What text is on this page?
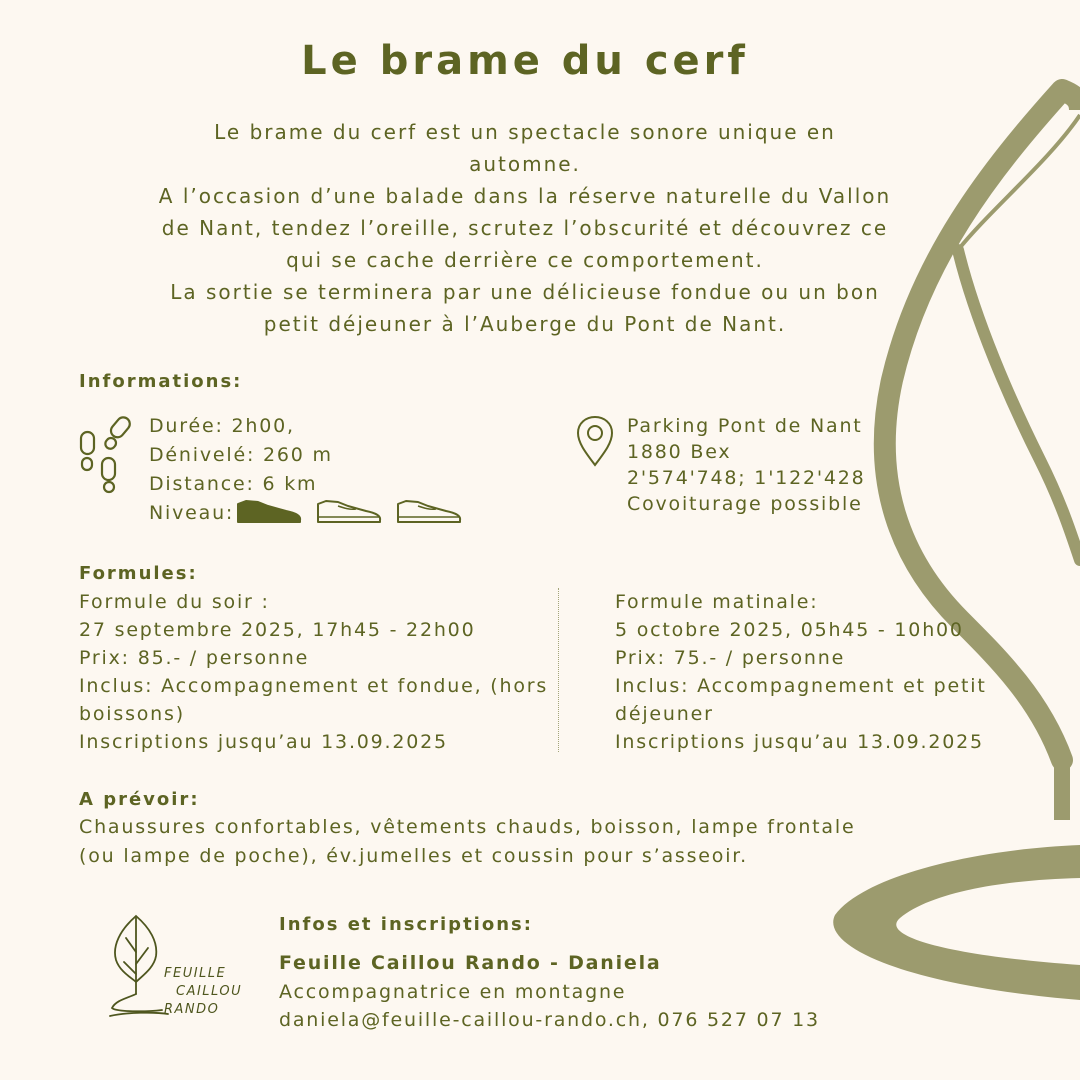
Le brame du cerf
Le brame du cerf est un spectacle sonore unique en
automne.
A l’occasion d’une balade dans la réserve naturelle du Vallon
de Nant, tendez l’oreille, scrutez l’obscurité et découvrez ce
qui se cache derrière ce comportement.
La sortie se terminera par une délicieuse fondue ou un bon
petit déjeuner à l’Auberge du Pont de Nant.
Informations:
Durée: 2h00,
Dénivelé: 260 m
Distance: 6 km
Niveau:
Parking Pont de Nant
1880 Bex
2'574'748; 1'122'428
Covoiturage possible
Formules:
Formule du soir :
27 septembre 2025, 17h45 - 22h00
Prix: 85.- / personne
Inclus: Accompagnement et fondue, (hors
boissons)
Inscriptions jusqu’au 13.09.2025
Formule matinale:
5 octobre 2025, 05h45 - 10h00
Prix: 75.- / personne
Inclus: Accompagnement et petit
déjeuner
Inscriptions jusqu’au 13.09.2025
A prévoir:
Chaussures confortables, vêtements chauds, boisson, lampe frontale
(ou lampe de poche), év.jumelles et coussin pour s’asseoir.
FEUILLE
CAILLOU
RANDO
Infos et inscriptions:
Feuille Caillou Rando - Daniela
Accompagnatrice en montagne
daniela@feuille-caillou-rando.ch, 076 527 07 13
